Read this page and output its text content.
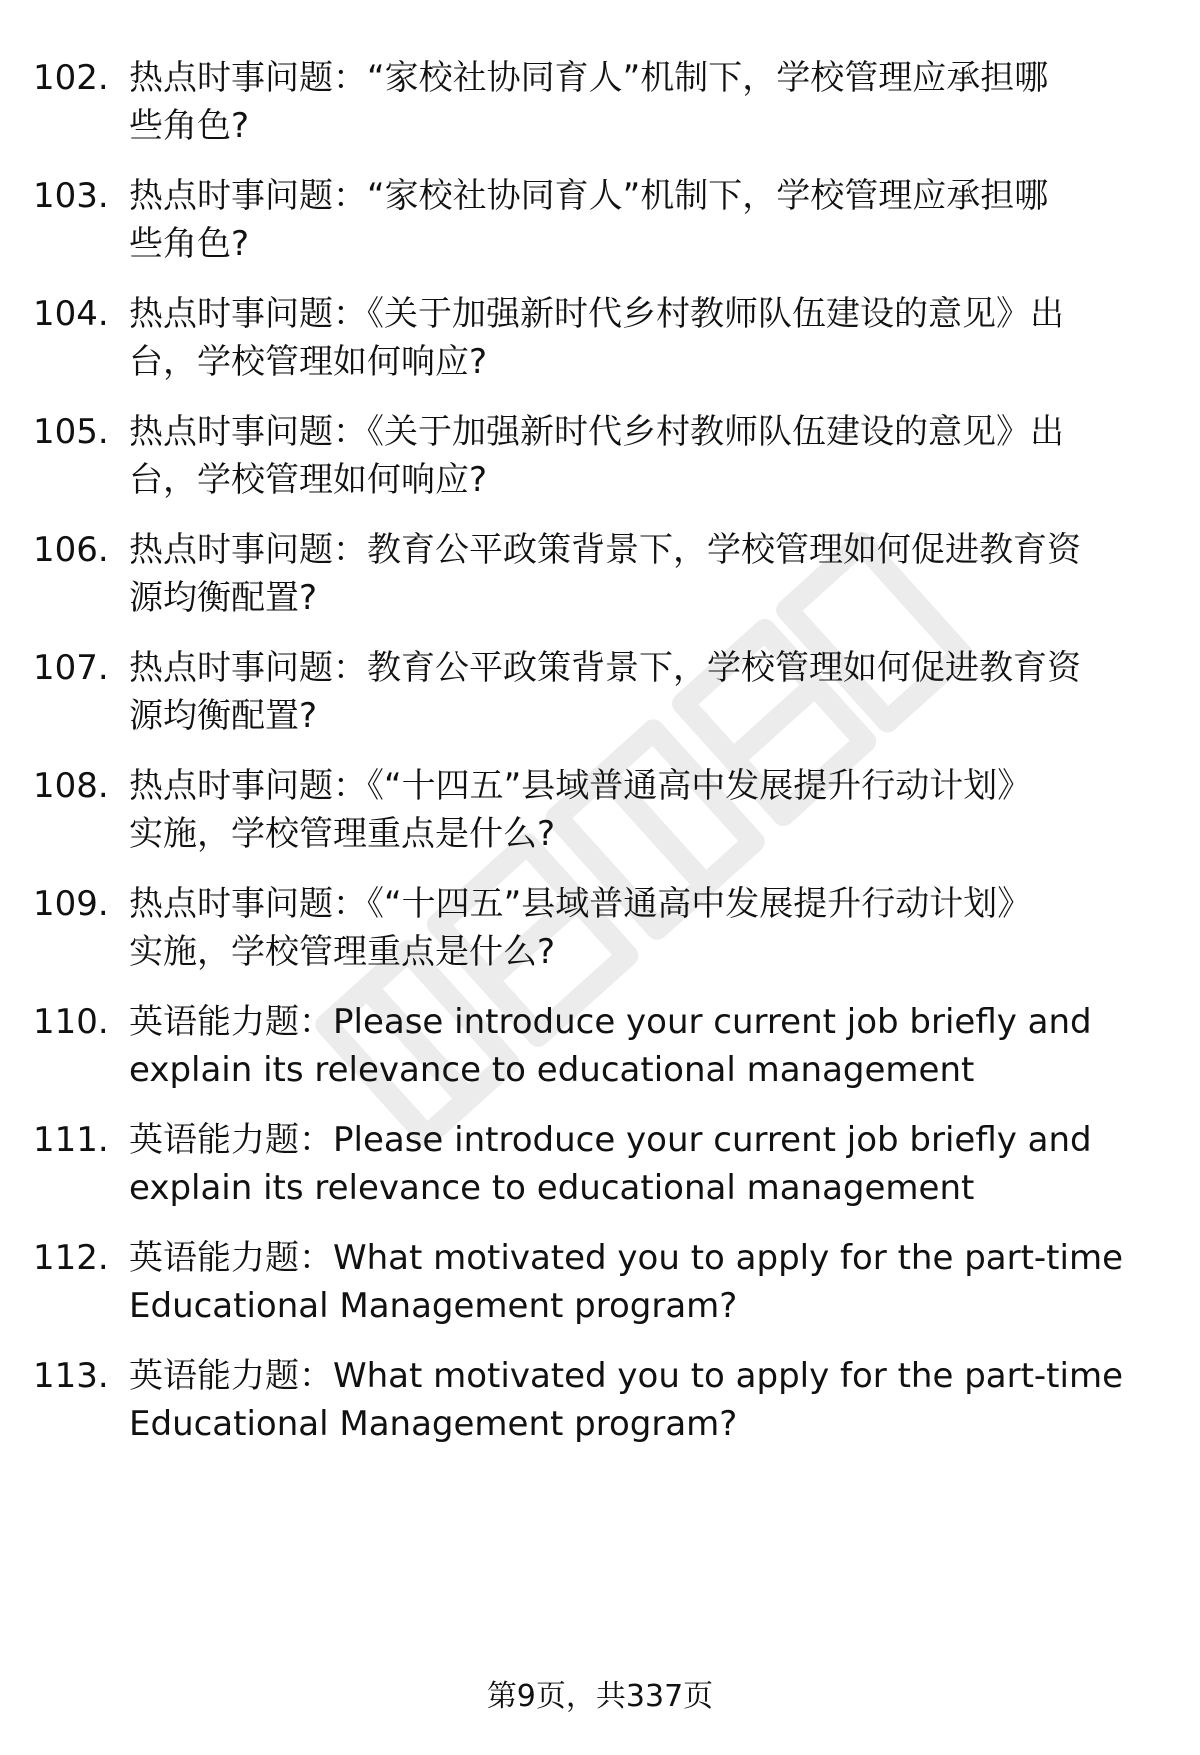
102. 热点时事问题：“家校社协同育人”机制下，学校管理应承担哪
些角色?
103. 热点时事问题：“家校社协同育人”机制下，学校管理应承担哪
些角色?
104. 热点时事问题：《关于加强新时代乡村教师队伍建设的意见》出
台，学校管理如何响应?
105. 热点时事问题：《关于加强新时代乡村教师队伍建设的意见》出
台，学校管理如何响应?
106. 热点时事问题：教育公平政策背景下，学校管理如何促进教育资
源均衡配置?
107. 热点时事问题：教育公平政策背景下，学校管理如何促进教育资
源均衡配置?
108. 热点时事问题：《“十四五”县域普通高中发展提升行动计划》
实施，学校管理重点是什么?
109. 热点时事问题：《“十四五”县域普通高中发展提升行动计划》
实施，学校管理重点是什么?
110. 英语能力题：Please introduce your current job briefly and
explain its relevance to educational management
111. 英语能力题：Please introduce your current job briefly and
explain its relevance to educational management
112. 英语能力题：What motivated you to apply for the part-time
Educational Management program?
113. 英语能力题：What motivated you to apply for the part-time
Educational Management program?
第9页，共337页
